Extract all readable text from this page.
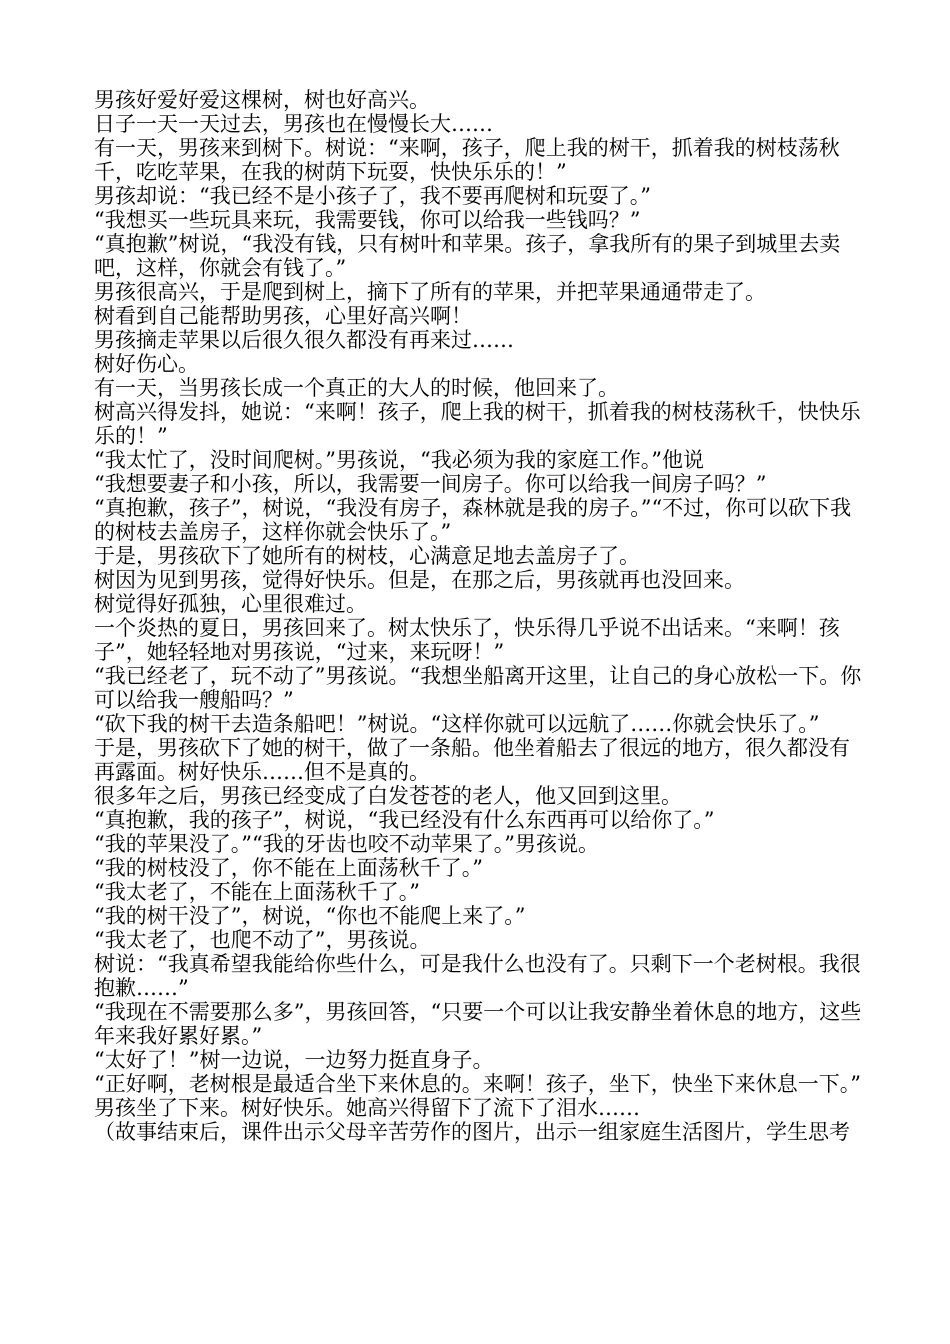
男孩好爱好爱这棵树，树也好高兴。

日子一天一天过去，男孩也在慢慢长大……

有一天，男孩来到树下。树说：“来啊，孩子，爬上我的树干，抓着我的树枝荡秋千，吃吃苹果，在我的树荫下玩耍，快快乐乐的！”

男孩却说：“我已经不是小孩子了，我不要再爬树和玩耍了。”

“我想买一些玩具来玩，我需要钱，你可以给我一些钱吗？”

“真抱歉”树说，“我没有钱，只有树叶和苹果。孩子，拿我所有的果子到城里去卖吧，这样，你就会有钱了。”

男孩很高兴，于是爬到树上，摘下了所有的苹果，并把苹果通通带走了。

树看到自己能帮助男孩，心里好高兴啊！

男孩摘走苹果以后很久很久都没有再来过……

树好伤心。

有一天，当男孩长成一个真正的大人的时候，他回来了。

树高兴得发抖，她说：“来啊！孩子，爬上我的树干，抓着我的树枝荡秋千，快快乐乐的！”

“我太忙了，没时间爬树。”男孩说，“我必须为我的家庭工作。”他说

“我想要妻子和小孩，所以，我需要一间房子。你可以给我一间房子吗？”

“真抱歉，孩子”，树说，“我没有房子，森林就是我的房子。”“不过，你可以砍下我的树枝去盖房子，这样你就会快乐了。”

于是，男孩砍下了她所有的树枝，心满意足地去盖房子了。

树因为见到男孩，觉得好快乐。但是，在那之后，男孩就再也没回来。

树觉得好孤独，心里很难过。

一个炎热的夏日，男孩回来了。树太快乐了，快乐得几乎说不出话来。“来啊！孩子”，她轻轻地对男孩说，“过来，来玩呀！”

“我已经老了，玩不动了”男孩说。“我想坐船离开这里，让自己的身心放松一下。你可以给我一艘船吗？”

“砍下我的树干去造条船吧！”树说。“这样你就可以远航了……你就会快乐了。”

于是，男孩砍下了她的树干，做了一条船。他坐着船去了很远的地方，很久都没有再露面。树好快乐……但不是真的。

很多年之后，男孩已经变成了白发苍苍的老人，他又回到这里。

“真抱歉，我的孩子”，树说，“我已经没有什么东西再可以给你了。”

“我的苹果没了。”“我的牙齿也咬不动苹果了。”男孩说。

“我的树枝没了，你不能在上面荡秋千了。”

“我太老了，不能在上面荡秋千了。”

“我的树干没了”，树说，“你也不能爬上来了。”

“我太老了，也爬不动了”，男孩说。

树说：“我真希望我能给你些什么，可是我什么也没有了。只剩下一个老树根。我很抱歉……”

“我现在不需要那么多”，男孩回答，“只要一个可以让我安静坐着休息的地方，这些年来我好累好累。”

“太好了！”树一边说，一边努力挺直身子。

“正好啊，老树根是最适合坐下来休息的。来啊！孩子，坐下，快坐下来休息一下。”

男孩坐了下来。树好快乐。她高兴得留下了流下了泪水……

（故事结束后，课件出示父母辛苦劳作的图片，出示一组家庭生活图片，学生思考
